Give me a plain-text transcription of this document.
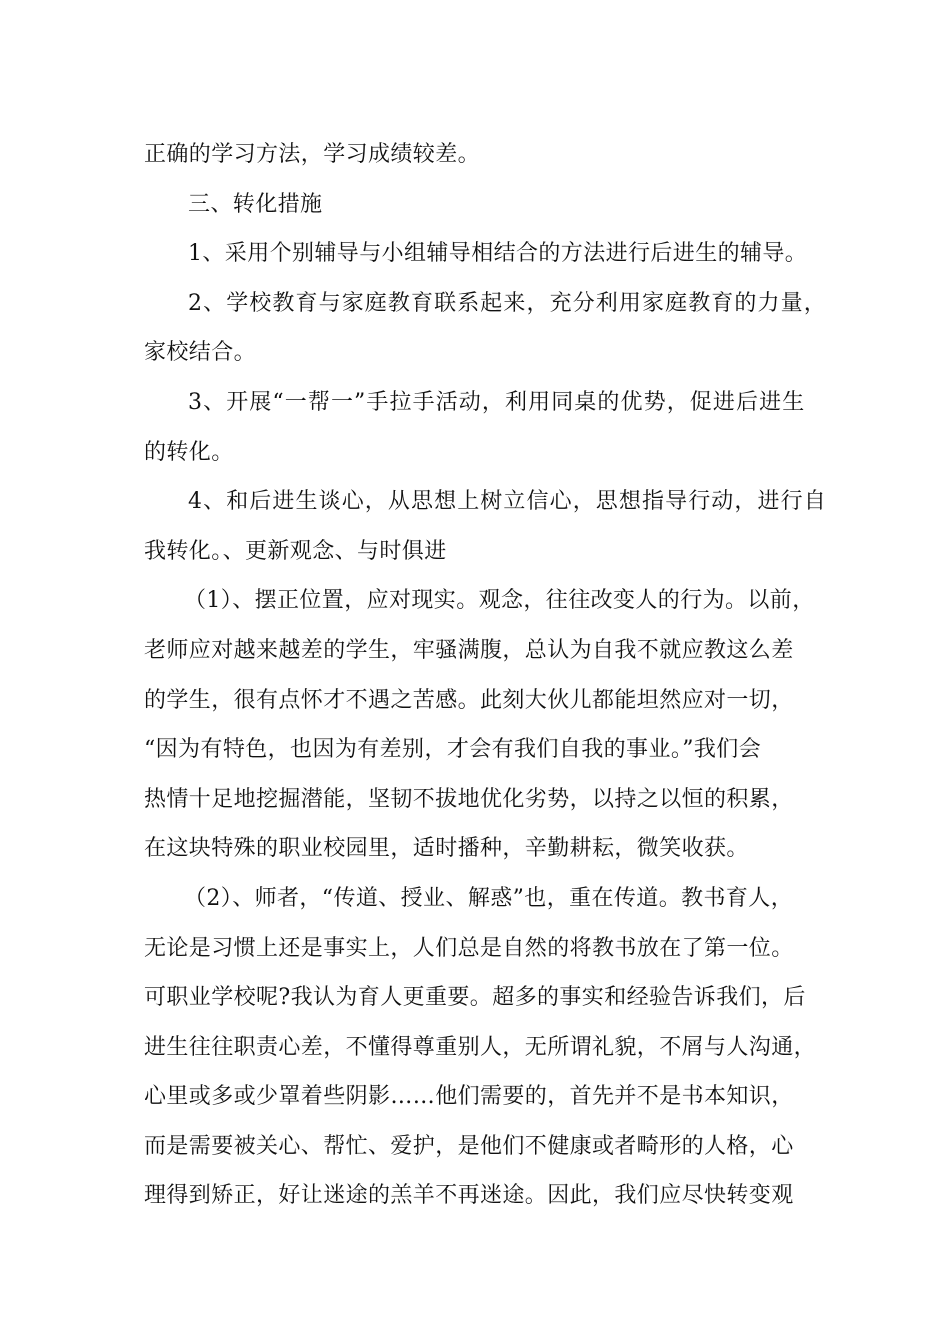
正确的学习方法，学习成绩较差。
三、转化措施
1、采用个别辅导与小组辅导相结合的方法进行后进生的辅导。
2、学校教育与家庭教育联系起来，充分利用家庭教育的力量，
家校结合。
3、开展“一帮一”手拉手活动，利用同桌的优势，促进后进生
的转化。
4、和后进生谈心，从思想上树立信心，思想指导行动，进行自
我转化。、更新观念、与时俱进
（1）、摆正位置，应对现实。观念，往往改变人的行为。以前，
老师应对越来越差的学生，牢骚满腹，总认为自我不就应教这么差
的学生，很有点怀才不遇之苦感。此刻大伙儿都能坦然应对一切，
“因为有特色，也因为有差别，才会有我们自我的事业。”我们会
热情十足地挖掘潜能，坚韧不拔地优化劣势，以持之以恒的积累，
在这块特殊的职业校园里，适时播种，辛勤耕耘，微笑收获。
（2）、师者，“传道、授业、解惑”也，重在传道。教书育人，
无论是习惯上还是事实上，人们总是自然的将教书放在了第一位。
可职业学校呢?我认为育人更重要。超多的事实和经验告诉我们，后
进生往往职责心差，不懂得尊重别人，无所谓礼貌，不屑与人沟通，
心里或多或少罩着些阴影……他们需要的，首先并不是书本知识，
而是需要被关心、帮忙、爱护，是他们不健康或者畸形的人格，心
理得到矫正，好让迷途的羔羊不再迷途。因此，我们应尽快转变观
